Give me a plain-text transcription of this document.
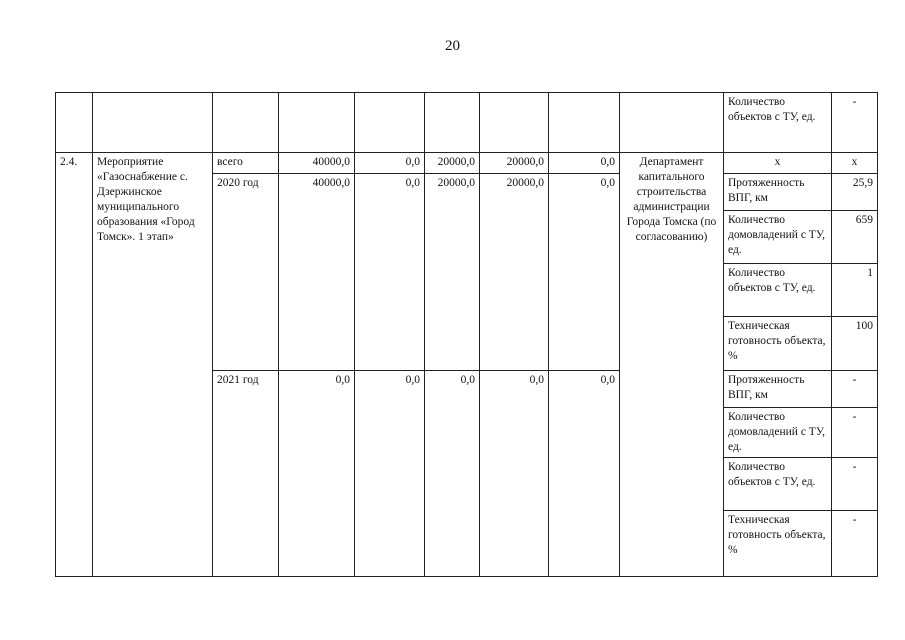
20
									Количество объектов с ТУ, ед.	-
2.4.	Мероприятие «Газоснабжение с. Дзержинское муниципального образования «Город Томск». 1 этап»	всего	40000,0	0,0	20000,0	20000,0	0,0	Департамент капитального строительства администрации Города Томска (по согласованию)	х	х
		2020 год	40000,0	0,0	20000,0	20000,0	0,0		Протяженность ВПГ, км	25,9
									Количество домовладений с ТУ, ед.	659
									Количество объектов с ТУ, ед.	1
									Техническая готовность объекта, %	100
		2021 год	0,0	0,0	0,0	0,0	0,0		Протяженность ВПГ, км	-
									Количество домовладений с ТУ, ед.	-
									Количество объектов с ТУ, ед.	-
									Техническая готовность объекта, %	-
